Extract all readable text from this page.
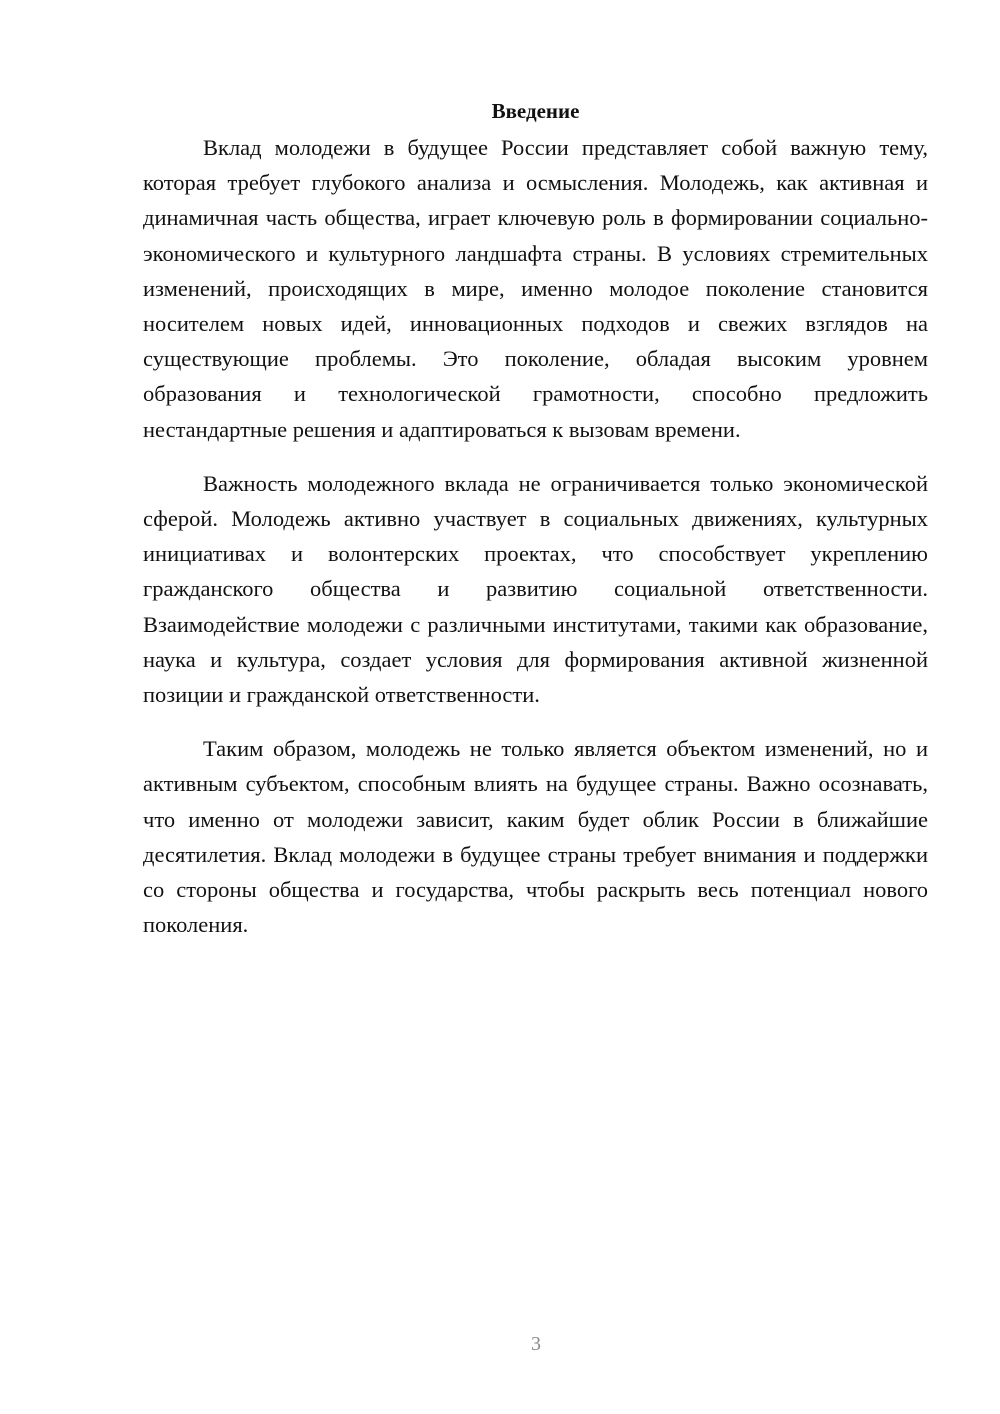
Введение

Вклад молодежи в будущее России представляет собой важную тему, которая требует глубокого анализа и осмысления. Молодежь, как активная и динамичная часть общества, играет ключевую роль в формировании социально-экономического и культурного ландшафта страны. В условиях стремительных изменений, происходящих в мире, именно молодое поколение становится носителем новых идей, инновационных подходов и свежих взглядов на существующие проблемы. Это поколение, обладая высоким уровнем образования и технологической грамотности, способно предложить нестандартные решения и адаптироваться к вызовам времени.

Важность молодежного вклада не ограничивается только экономической сферой. Молодежь активно участвует в социальных движениях, культурных инициативах и волонтерских проектах, что способствует укреплению гражданского общества и развитию социальной ответственности. Взаимодействие молодежи с различными институтами, такими как образование, наука и культура, создает условия для формирования активной жизненной позиции и гражданской ответственности.

Таким образом, молодежь не только является объектом изменений, но и активным субъектом, способным влиять на будущее страны. Важно осознавать, что именно от молодежи зависит, каким будет облик России в ближайшие десятилетия. Вклад молодежи в будущее страны требует внимания и поддержки со стороны общества и государства, чтобы раскрыть весь потенциал нового поколения.

3
